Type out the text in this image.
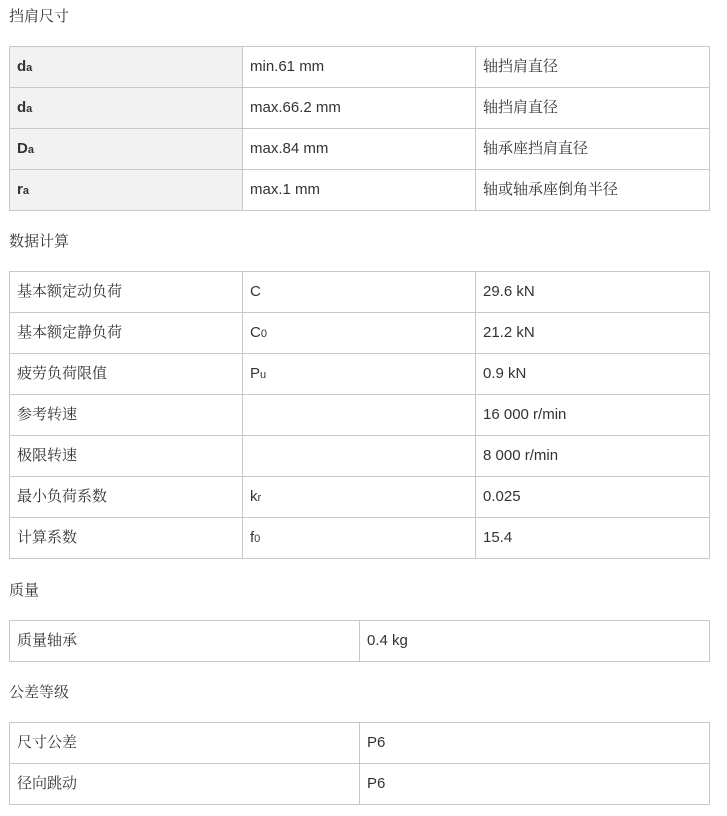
挡肩尺寸
da	min.61 mm	轴挡肩直径
da	max.66.2 mm	轴挡肩直径
Da	max.84 mm	轴承座挡肩直径
ra	max.1 mm	轴或轴承座倒角半径
数据计算
基本额定动负荷	C	29.6 kN
基本额定静负荷	C0	21.2 kN
疲劳负荷限值	Pu	0.9 kN
参考转速		16 000 r/min
极限转速		8 000 r/min
最小负荷系数	kr	0.025
计算系数	f0	15.4
质量
质量轴承	0.4 kg
公差等级
尺寸公差	P6
径向跳动	P6
